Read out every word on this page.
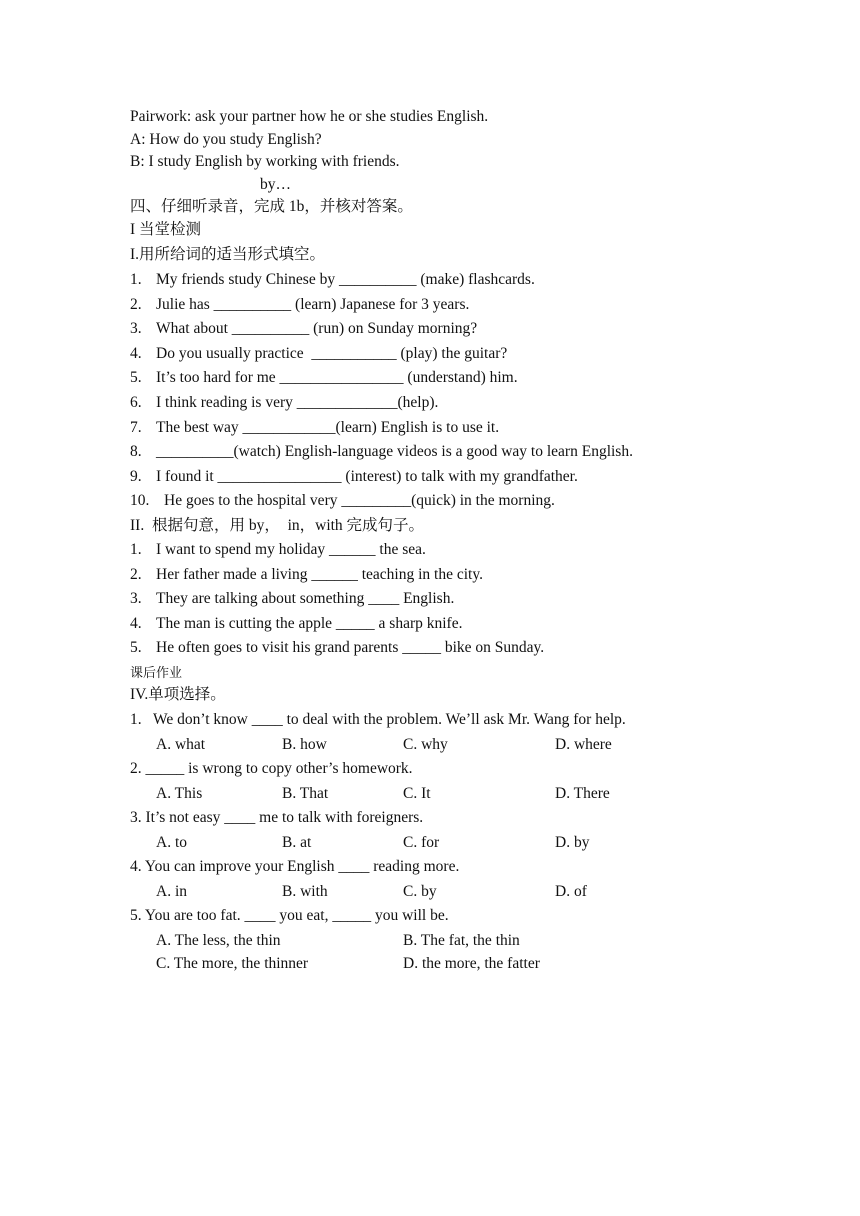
Pairwork: ask your partner how he or she studies English.
A: How do you study English?
B: I study English by working with friends.
by…
四、仔细听录音，完成 1b，并核对答案。
I 当堂检测
I.用所给词的适当形式填空。
1. My friends study Chinese by __________ (make) flashcards.
2. Julie has __________ (learn) Japanese for 3 years.
3. What about __________ (run) on Sunday morning?
4. Do you usually practice  ___________ (play) the guitar?
5. It’s too hard for me ________________ (understand) him.
6. I think reading is very _____________(help).
7. The best way ____________(learn) English is to use it.
8. __________(watch) English-language videos is a good way to learn English.
9. I found it ________________ (interest) to talk with my grandfather.
10. He goes to the hospital very _________(quick) in the morning.
II.  根据句意，用 by，  in，with 完成句子。
1. I want to spend my holiday ______ the sea.
2. Her father made a living ______ teaching in the city.
3. They are talking about something ____ English.
4. The man is cutting the apple _____ a sharp knife.
5. He often goes to visit his grand parents _____ bike on Sunday.
课后作业
IV.单项选择。
1.   We don’t know ____ to deal with the problem. We’ll ask Mr. Wang for help.
A. what	B. how	C. why	D. where
2. _____ is wrong to copy other’s homework.
A. This	B. That	C. It	D. There
3. It’s not easy ____ me to talk with foreigners.
A. to	B. at	C. for	D. by
4. You can improve your English ____ reading more.
A. in	B. with	C. by	D. of
5. You are too fat. ____ you eat, _____ you will be.
A. The less, the thin	B. The fat, the thin
C. The more, the thinner	D. the more, the fatter
